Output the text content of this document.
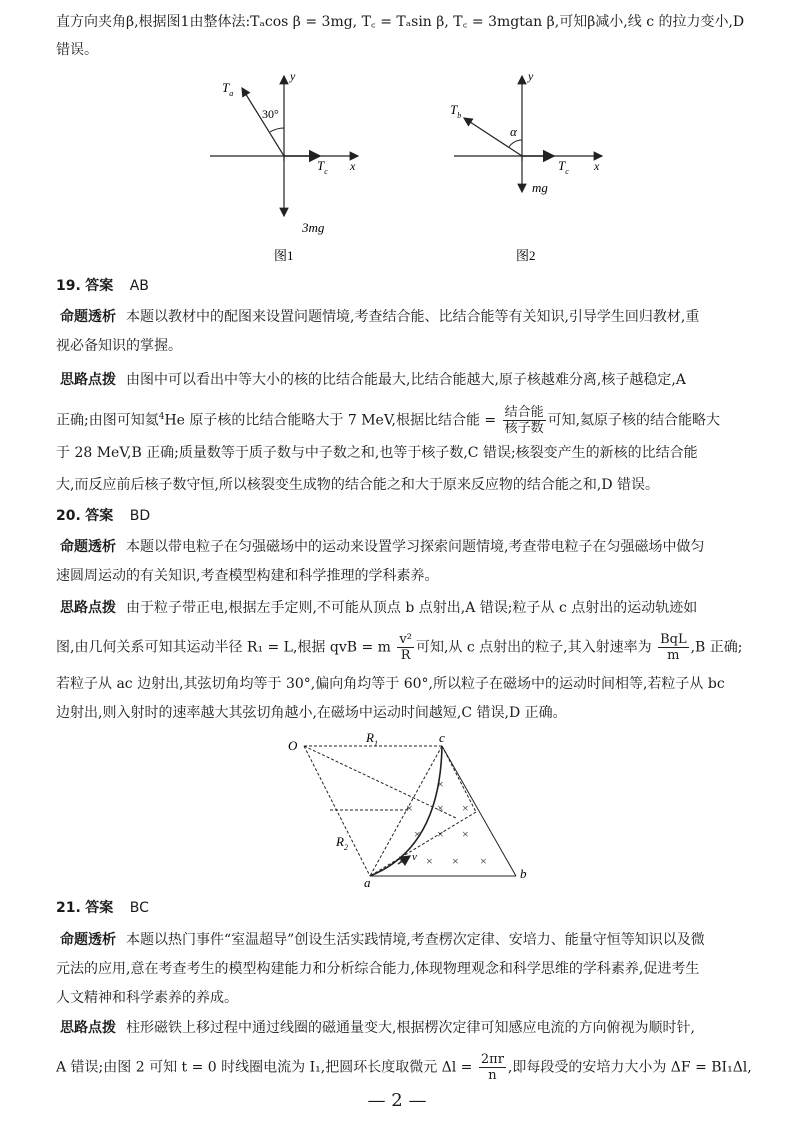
直方向夹角β,根据图1由整体法:Tₐcos β = 3mg, T꜀ = Tₐsin β, T꜀ = 3mgtan β,可知β减小,线 c 的拉力变小,D
错误。
$T_a$
30°
y
x
$T_c$
3mg
图1
$T_b$
α
y
x
$T_c$
mg
图2
19. 答案 AB
命题透析 本题以教材中的配图来设置问题情境,考查结合能、比结合能等有关知识,引导学生回归教材,重
视必备知识的掌握。
思路点拨 由图中可以看出中等大小的核的比结合能最大,比结合能越大,原子核越难分离,核子越稳定,A
正确;由图可知氦$^4$He 原子核的比结合能略大于 7 MeV,根据比结合能 = $\frac{\text{结合能}}{\text{核子数}}$ 可知,氦原子核的结合能略大
于 28 MeV,B 正确;质量数等于质子数与中子数之和,也等于核子数,C 错误;核裂变产生的新核的比结合能
大,而反应前后核子数守恒,所以核裂变生成物的结合能之和大于原来反应物的结合能之和,D 错误。
20. 答案 BD
命题透析 本题以带电粒子在匀强磁场中的运动来设置学习探索问题情境,考查带电粒子在匀强磁场中做匀
速圆周运动的有关知识,考查模型构建和科学推理的学科素养。
思路点拨 由于粒子带正电,根据左手定则,不可能从顶点 b 点射出,A 错误;粒子从 c 点射出的运动轨迹如
图,由几何关系可知其运动半径 R₁ = L,根据 qvB = m $\frac{\text{v²}}{R}$ 可知,从 c 点射出的粒子,其入射速率为 $\frac{\text{BqL}}{m} ,B$ 正确;
若粒子从 ac 边射出,其弦切角均等于 30°,偏向角均等于 60°,所以粒子在磁场中的运动时间相等,若粒子从 bc
边射出,则入射时的速率越大其弦切角越小,在磁场中运动时间越短,C 错误,D 正确。
× × ×
×
× × ×
× × × ×
O
$R_1$
$R_2$
c
a
b
v
21. 答案 BC
命题透析 本题以热门事件“室温超导”创设生活实践情境,考查楞次定律、安培力、能量守恒等知识以及微
元法的应用,意在考查考生的模型构建能力和分析综合能力,体现物理观念和科学思维的学科素养,促进考生
人文精神和科学素养的养成。
思路点拨 柱形磁铁上移过程中通过线圈的磁通量变大,根据楞次定律可知感应电流的方向俯视为顺时针,
A 错误;由图 2 可知 t = 0 时线圈电流为 I₁,把圆环长度取微元 $\Delta l = \frac{2\pi r}{n}$ ,即每段受的安培力大小为 ΔF = BI₁Δl,
— 2 —
